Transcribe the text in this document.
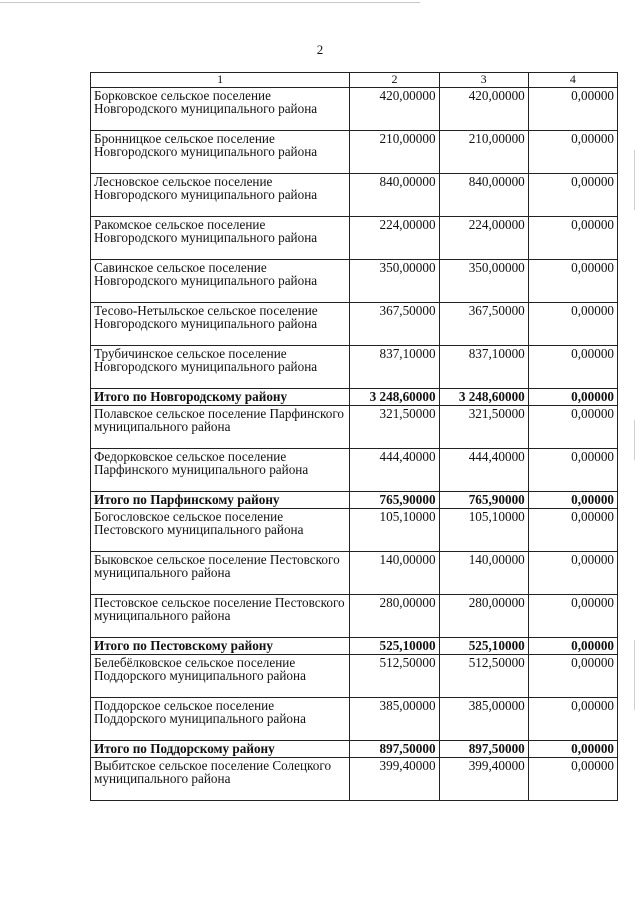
2
1	2	3	4
Борковское сельское поселение Новгородского муниципального района	420,00000	420,00000	0,00000
Бронницкое сельское поселение Новгородского муниципального района	210,00000	210,00000	0,00000
Лесновское сельское поселение Новгородского муниципального района	840,00000	840,00000	0,00000
Ракомское сельское поселение Новгородского муниципального района	224,00000	224,00000	0,00000
Савинское сельское поселение Новгородского муниципального района	350,00000	350,00000	0,00000
Тесово-Нетыльское сельское поселение Новгородского муниципального района	367,50000	367,50000	0,00000
Трубичинское сельское поселение Новгородского муниципального района	837,10000	837,10000	0,00000
Итого по Новгородскому району	3 248,60000	3 248,60000	0,00000
Полавское сельское поселение Парфинского муниципального района	321,50000	321,50000	0,00000
Федорковское сельское поселение Парфинского муниципального района	444,40000	444,40000	0,00000
Итого по Парфинскому району	765,90000	765,90000	0,00000
Богословское сельское поселение Пестовского муниципального района	105,10000	105,10000	0,00000
Быковское сельское поселение Пестовского муниципального района	140,00000	140,00000	0,00000
Пестовское сельское поселение Пестовского муниципального района	280,00000	280,00000	0,00000
Итого по Пестовскому району	525,10000	525,10000	0,00000
Белебёлковское сельское поселение Поддорского муниципального района	512,50000	512,50000	0,00000
Поддорское сельское поселение Поддорского муниципального района	385,00000	385,00000	0,00000
Итого по Поддорскому району	897,50000	897,50000	0,00000
Выбитское сельское поселение Солецкого муниципального района	399,40000	399,40000	0,00000
